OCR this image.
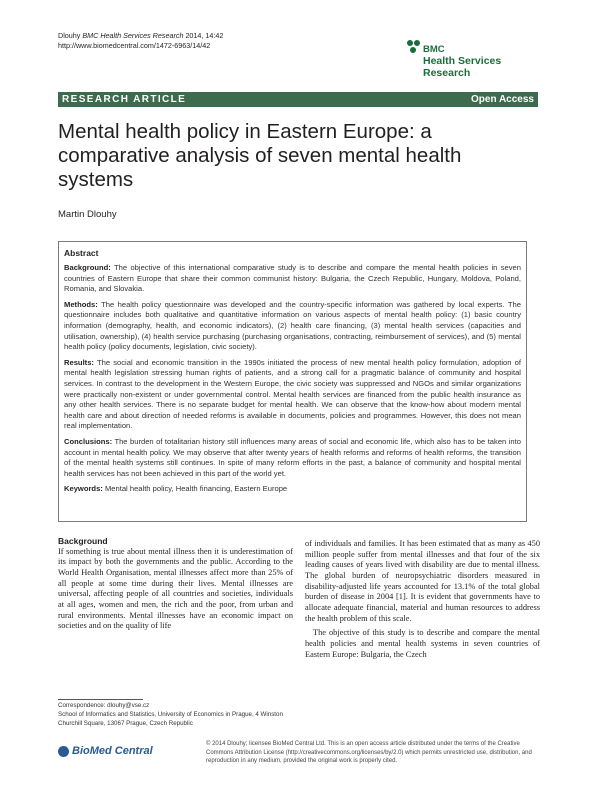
Dlouhy BMC Health Services Research 2014, 14:42
http://www.biomedcentral.com/1472-6963/14/42	BMC
Health Services Research
RESEARCH ARTICLE	Open Access
Mental health policy in Eastern Europe: a comparative analysis of seven mental health systems
Martin Dlouhy
Abstract

Background: The objective of this international comparative study is to describe and compare the mental health policies in seven countries of Eastern Europe that share their common communist history: Bulgaria, the Czech Republic, Hungary, Moldova, Poland, Romania, and Slovakia.

Methods: The health policy questionnaire was developed and the country-specific information was gathered by local experts. The questionnaire includes both qualitative and quantitative information on various aspects of mental health policy: (1) basic country information (demography, health, and economic indicators), (2) health care financing, (3) mental health services (capacities and utilisation, ownership), (4) health service purchasing (purchasing organisations, contracting, reimbursement of services), and (5) mental health policy (policy documents, legislation, civic society).

Results: The social and economic transition in the 1990s initiated the process of new mental health policy formulation, adoption of mental health legislation stressing human rights of patients, and a strong call for a pragmatic balance of community and hospital services. In contrast to the development in the Western Europe, the civic society was suppressed and NGOs and similar organizations were practically non-existent or under governmental control. Mental health services are financed from the public health insurance as any other health services. There is no separate budget for mental health. We can observe that the know-how about modern mental health care and about direction of needed reforms is available in documents, policies and programmes. However, this does not mean real implementation.

Conclusions: The burden of totalitarian history still influences many areas of social and economic life, which also has to be taken into account in mental health policy. We may observe that after twenty years of health reforms and reforms of health reforms, the transition of the mental health systems still continues. In spite of many reform efforts in the past, a balance of community and hospital mental health services has not been achieved in this part of the world yet.

Keywords: Mental health policy, Health financing, Eastern Europe

Background

If something is true about mental illness then it is underestimation of its impact by both the governments and the public. According to the World Health Organisation, mental illnesses affect more than 25% of all people at some time during their lives. Mental illnesses are universal, affecting people of all countries and societies, individuals at all ages, women and men, the rich and the poor, from urban and rural environments. Mental illnesses have an economic impact on societies and on the quality of life

of individuals and families. It has been estimated that as many as 450 million people suffer from mental illnesses and that four of the six leading causes of years lived with disability are due to mental illness. The global burden of neuropsychiatric disorders measured in disability-adjusted life years accounted for 13.1% of the total global burden of disease in 2004 [1]. It is evident that governments have to allocate adequate financial, material and human resources to address the health problem of this scale.

The objective of this study is to describe and compare the mental health policies and mental health systems in seven countries of Eastern Europe: Bulgaria, the Czech

Correspondence: dlouhy@vse.cz
School of Informatics and Statistics, University of Economics in Prague, 4 Winston Churchill Square, 13067 Prague, Czech Republic
BioMed Central
© 2014 Dlouhy; licensee BioMed Central Ltd. This is an open access article distributed under the terms of the Creative Commons Attribution License (http://creativecommons.org/licenses/by/2.0) which permits unrestricted use, distribution, and reproduction in any medium, provided the original work is properly cited.
